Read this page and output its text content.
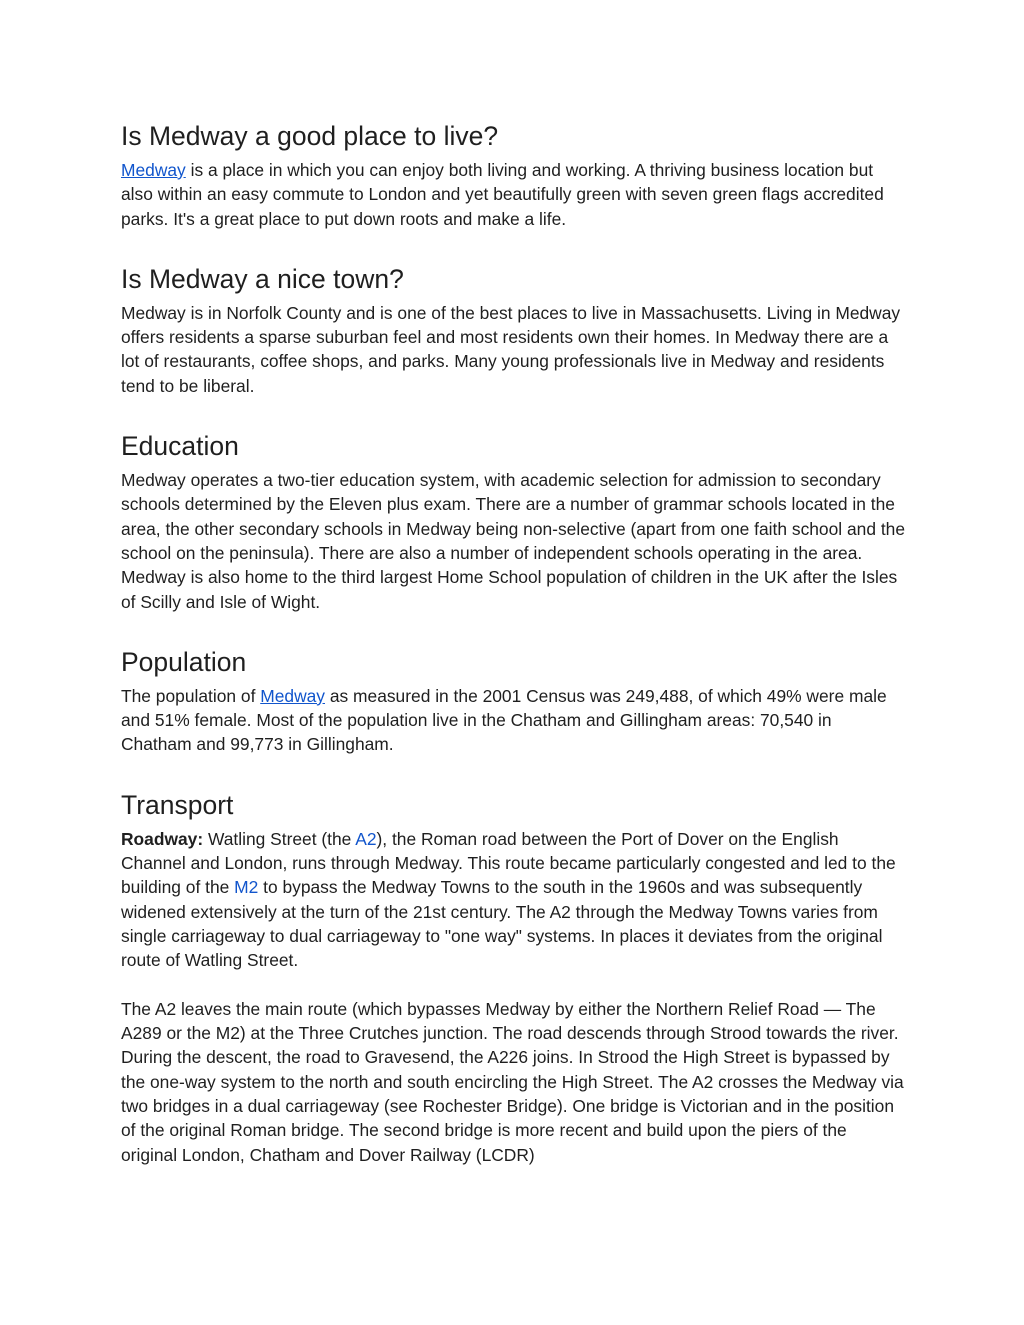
Is Medway a good place to live?

Medway is a place in which you can enjoy both living and working. A thriving business location but also within an easy commute to London and yet beautifully green with seven green flags accredited parks. It's a great place to put down roots and make a life.

Is Medway a nice town?

Medway is in Norfolk County and is one of the best places to live in Massachusetts. Living in Medway offers residents a sparse suburban feel and most residents own their homes. In Medway there are a lot of restaurants, coffee shops, and parks. Many young professionals live in Medway and residents tend to be liberal.

Education

Medway operates a two-tier education system, with academic selection for admission to secondary schools determined by the Eleven plus exam. There are a number of grammar schools located in the area, the other secondary schools in Medway being non-selective (apart from one faith school and the school on the peninsula). There are also a number of independent schools operating in the area. Medway is also home to the third largest Home School population of children in the UK after the Isles of Scilly and Isle of Wight.

Population

The population of Medway as measured in the 2001 Census was 249,488, of which 49% were male and 51% female. Most of the population live in the Chatham and Gillingham areas: 70,540 in Chatham and 99,773 in Gillingham.

Transport

Roadway: Watling Street (the A2), the Roman road between the Port of Dover on the English Channel and London, runs through Medway. This route became particularly congested and led to the building of the M2 to bypass the Medway Towns to the south in the 1960s and was subsequently widened extensively at the turn of the 21st century. The A2 through the Medway Towns varies from single carriageway to dual carriageway to "one way" systems. In places it deviates from the original route of Watling Street.

The A2 leaves the main route (which bypasses Medway by either the Northern Relief Road — The A289 or the M2) at the Three Crutches junction. The road descends through Strood towards the river. During the descent, the road to Gravesend, the A226 joins. In Strood the High Street is bypassed by the one-way system to the north and south encircling the High Street. The A2 crosses the Medway via two bridges in a dual carriageway (see Rochester Bridge). One bridge is Victorian and in the position of the original Roman bridge. The second bridge is more recent and build upon the piers of the original London, Chatham and Dover Railway (LCDR)
